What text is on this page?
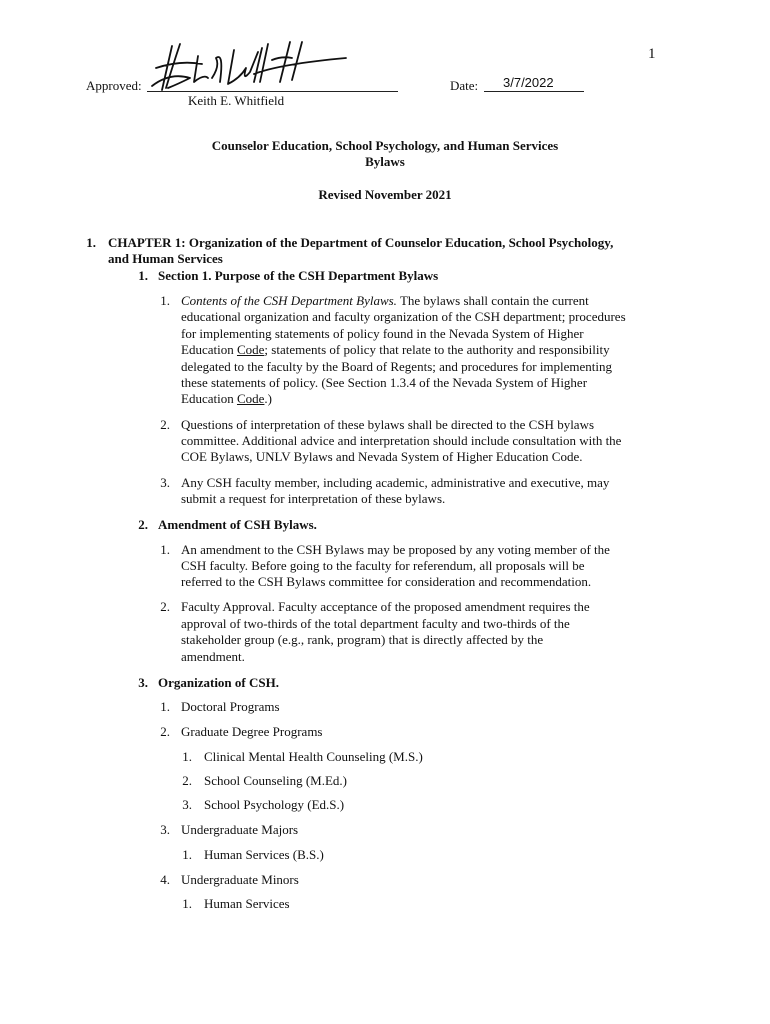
1
Approved:
Keith E. Whitfield
Date: 3/7/2022
Counselor Education, School Psychology, and Human Services
Bylaws
Revised November 2021
1. CHAPTER 1: Organization of the Department of Counselor Education, School Psychology,
and Human Services
1. Section 1. Purpose of the CSH Department Bylaws
1. Contents of the CSH Department Bylaws. The bylaws shall contain the current
educational organization and faculty organization of the CSH department; procedures
for implementing statements of policy found in the Nevada System of Higher
Education Code; statements of policy that relate to the authority and responsibility
delegated to the faculty by the Board of Regents; and procedures for implementing
these statements of policy. (See Section 1.3.4 of the Nevada System of Higher
Education Code.)
2. Questions of interpretation of these bylaws shall be directed to the CSH bylaws
committee. Additional advice and interpretation should include consultation with the
COE Bylaws, UNLV Bylaws and Nevada System of Higher Education Code.
3. Any CSH faculty member, including academic, administrative and executive, may
submit a request for interpretation of these bylaws.
2. Amendment of CSH Bylaws.
1. An amendment to the CSH Bylaws may be proposed by any voting member of the
CSH faculty. Before going to the faculty for referendum, all proposals will be
referred to the CSH Bylaws committee for consideration and recommendation.
2. Faculty Approval. Faculty acceptance of the proposed amendment requires the
approval of two-thirds of the total department faculty and two-thirds of the
stakeholder group (e.g., rank, program) that is directly affected by the
amendment.
3. Organization of CSH.
1. Doctoral Programs
2. Graduate Degree Programs
1. Clinical Mental Health Counseling (M.S.)
2. School Counseling (M.Ed.)
3. School Psychology (Ed.S.)
3. Undergraduate Majors
1. Human Services (B.S.)
4. Undergraduate Minors
1. Human Services
